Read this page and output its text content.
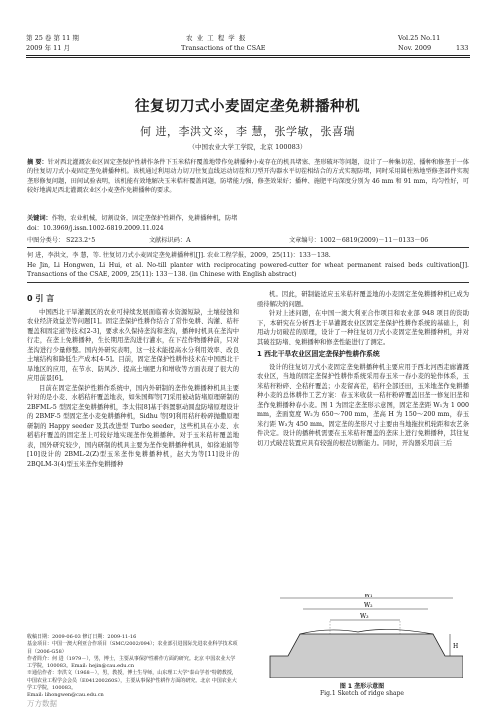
第 25 卷 第 11 期	农 业 工 程 学 报	Vol.25 No.11
2009 年 11 月	Transactions of the CSAE	Nov. 2009	133
往复切刀式小麦固定垄免耕播种机
何 进，李洪文※，李 慧，张学敏，张喜瑞
（中国农业大学工学院，北京 100083）
摘 要：针对西北灌溉农业区固定垄保护性耕作条件下玉米秸秆覆盖地带作免耕播种小麦存在的机具堵塞、垄形破坏等问题，设计了一种集切茬、播种和修垄于一体的往复切刀式小麦固定垄免耕播种机。该机通过利用动力切刀往复直线运动切茬和刀型开沟器水平切茬相结合的方式实现防堵，同时采用圆柱熟地型修垄部件实现垄形修复问题，田间试验表明，该机能有效地解决玉米秸秆覆盖问题，防堵能力强，修垄效果好；播种、施肥平均深度分别为 46 mm 和 91 mm，均匀性好，可较好地满足西北灌溉农业区小麦垄作免耕播种的要求。
关键词：作物，农业机械，切割设备，固定垄保护性耕作，免耕播种机，防堵
doi：10.3969/j.issn.1002-6819.2009.11.024
中图分类号： S223.2⁺5	文献标识码：A	文章编号：1002－6819(2009)－11－0133－06
何 进，李洪文，李 慧，等. 往复切刀式小麦固定垄免耕播种机[J]. 农业工程学报，2009，25(11)：133－138.
He Jin, Li Hongwen, Li Hui, et al. No-till planter with reciprocating powered-cutter for wheat permanent raised beds cultivation[J]. Transactions of the CSAE, 2009, 25(11): 133－138. (in Chinese with English abstract)
0 引 言

中国西北干旱灌溉区的农业可持续发展面临着水资源短缺，土壤侵蚀和农业经济效益差等问题[1]。固定垄保护性耕作结合了常作免耕、沟灌、秸秆覆盖和固定道等技术[2-3]，要求永久保持垄沟和垄沟，播种时机具在垄沟中行走，在垄上免耕播种，生长期用垄沟进行灌水，在下茬作物播种前，只对垄沟进行少量修整。国内外研究表明，这一技术能提高水分利用效率、改良土壤结构和降低生产成本[4-5]。目前，固定垄保护性耕作技术在中国西北干旱地区的应用，在节水、防风沙、提高土壤肥力和增收等方面表现了很大的应用前景[6]。

目前在固定垄保护性耕作系统中，国内外研制的垄作免耕播种机具主要针对的是小麦、水稻秸秆覆盖地表，如朱国辉等[7]采用被动防堵原理研制的 2BFML-5 型固定垄免耕播种机，李太伟[8]基于斜置驱动圆盘防堵原理设计的 2BMF-5 型固定垄小麦免耕播种机，Sidhu 等[9]利用秸秆粉碎抛撒原理研制的 Happy seeder 及其改进型 Turbo seeder，这些机具在小麦、水稻秸秆覆盖的固定垄上可较好地实现垄作免耕播种。对于玉米秸秆覆盖地表，国外研究较少，国内研制的机具主要为垄作免耕播种机具，如徐迪娟等[10]设计的 2BML-2(Z)型玉米垄作免耕播种机，赵大为等[11]设计的 2BQLM-3(4)型玉米垄作免耕播种

机。因此，研制能适应玉米秸秆覆盖地的小麦固定垄免耕播种机已成为亟待解决的问题。

针对上述问题，在中国一澳大利亚合作项目和农业部 948 项目的资助下，本研究在分析西北干旱灌溉农业区固定垄保护性耕作系统的基础上，利用动力切破茬的原理，设计了一种往复切刀式小麦固定垄免耕播种机，并对其破茬防堵、免耕播种和修垄性能进行了测定。

1 西北干旱农业区固定垄保护性耕作系统

设计的往复切刀式小麦固定垄免耕播种机主要应用于西北河西走廊灌溉农业区，当地的固定垄保护性耕作系统采用春玉米一春小麦的轮作体系，玉米秸秆粉碎、全秸秆覆盖；小麦留高茬，秸秆全部还田，玉米地垄作免耕播种小麦的总体耕作工艺方案：春玉米收获一秸秆粉碎覆盖旧垄一修复旧垄和垄作免耕播种春小麦。图 1 为固定垄垄形示意图，固定垄垄距 W₁为 1 000 mm，垄面宽度 W₂为 650～700 mm，垄高 H 为 150～200 mm，春玉米行距 W₃为 450 mm。固定垄的垄形尺寸主要由当地拖拉机轮距和农艺条件决定。设计的播种机需要在玉米秸秆覆盖的垄床上进行免耕播种，其往复切刀式破茬装置应具有较强的根茬切断能力。同时，开沟器采用前三后

W₁
W₂
W₃
H
图 1 垄形示意图
Fig.1 Sketch of ridge shape
收稿日期：2009-06-03 修订日期：2009-11-16
基金项目：中国一澳大利亚合作项目（SMC/2002/094）；农业部引进国际先进农业科学技术项目（2006-G58）
作者简介：何 进（1979－），男，博士，主要从事保护性耕作方面的研究。北京 中国农业大学工学院，100083。Email: hejin@cau.edu.cn
※通信作者：李洪文（1968－），男，教授，博士生导师，山东理工大学"泰山学者"特聘教授，中国农业工程学会会员（E041200260S），主要从事保护性耕作方面的研究。北京 中国农业大学工学院，100083。
Email: lihongwen@cau.edu.cn
万方数据
